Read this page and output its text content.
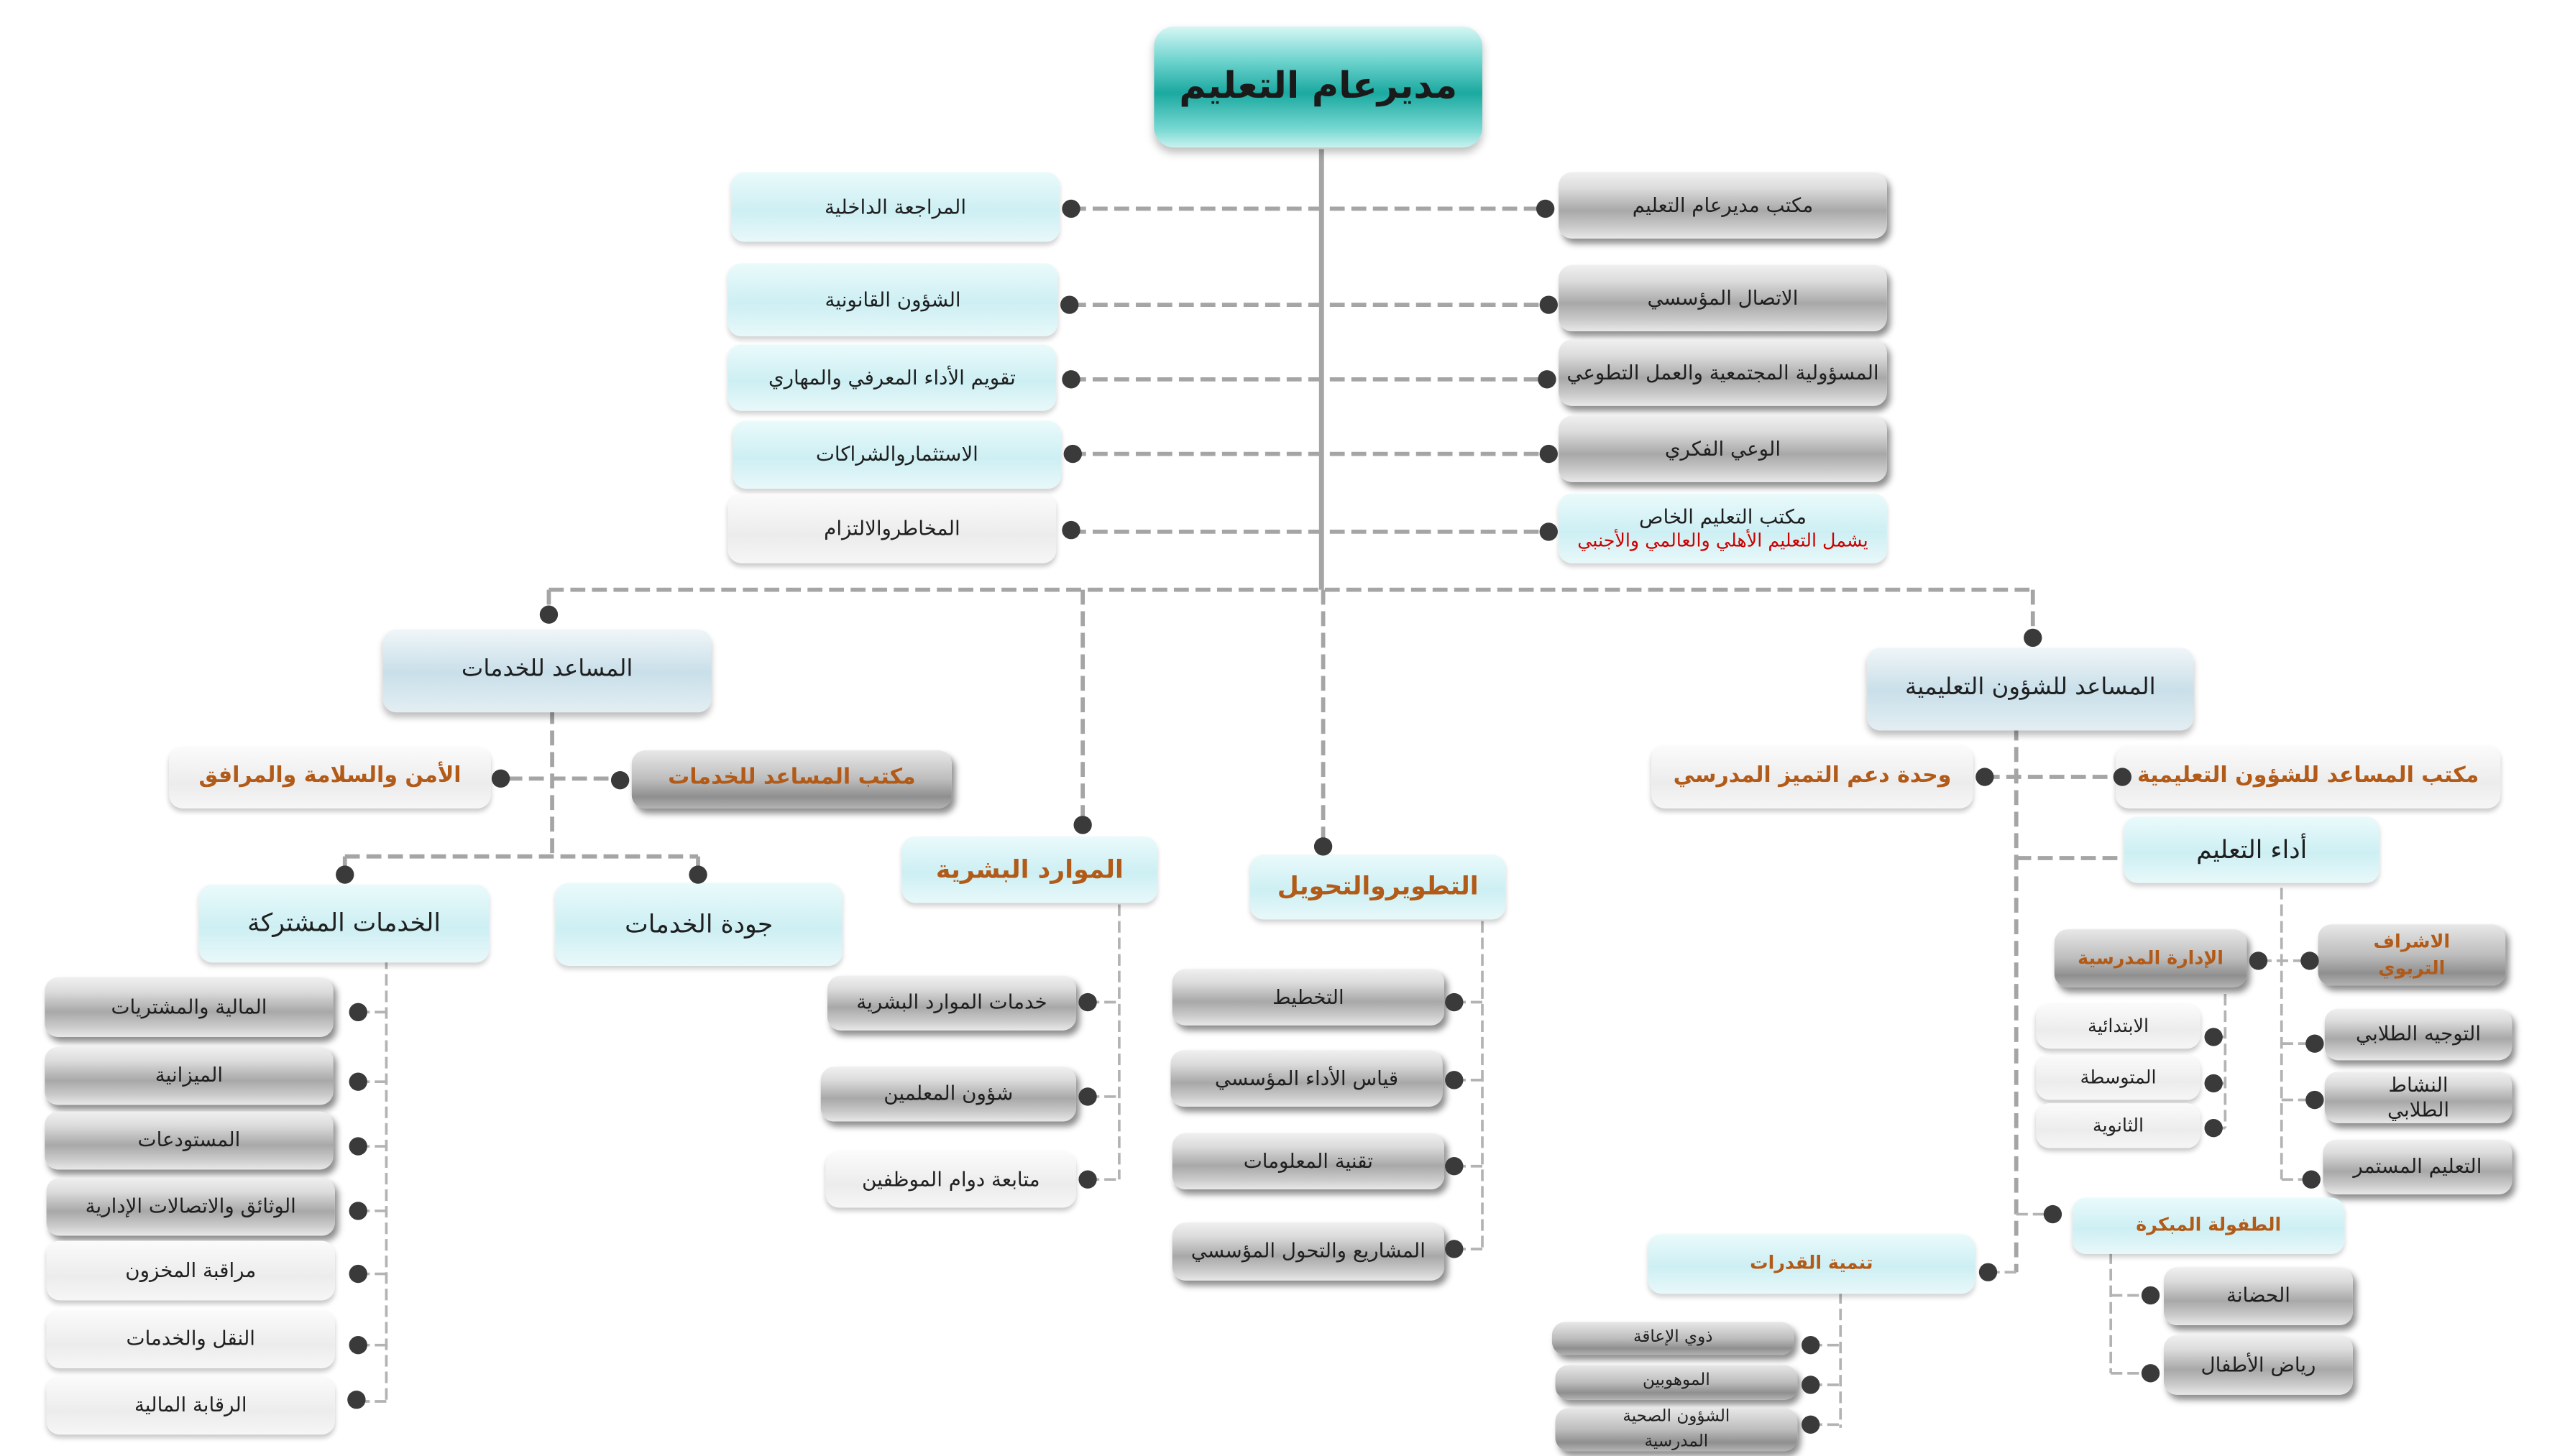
مديرعام التعليم
المراجعة الداخلية
الشؤون القانونية
تقويم الأداء المعرفي والمهاري
الاستثماروالشراكات
المخاطروالالتزام
مكتب مديرعام التعليم
الاتصال المؤسسي
المسؤولية المجتمعية والعمل التطوعي
الوعي الفكري
مكتب التعليم الخاص
يشمل التعليم الأهلي والعالمي والأجنبي
المساعد للخدمات
الأمن والسلامة والمرافق	مكتب المساعد للخدمات
الخدمات المشتركة	جودة الخدمات
المالية والمشتريات
الميزانية
المستودعات
الوثائق والاتصالات الإدارية
مراقبة المخزون
النقل والخدمات
الرقابة المالية
الموارد البشرية
خدمات الموارد البشرية
شؤون المعلمين
متابعة دوام الموظفين
التطويروالتحويل
التخطيط
قياس الأداء المؤسسي
تقنية المعلومات
المشاريع والتحول المؤسسي
المساعد للشؤون التعليمية
وحدة دعم التميز المدرسي	مكتب المساعد للشؤون التعليمية
أداء التعليم
الإدارة المدرسية
الاشراف التربوي
الابتدائية
المتوسطة
الثانوية
التوجيه الطلابي
النشاط الطلابي
التعليم المستمر
الطفولة المبكرة
الحضانة
رياض الأطفال
تنمية القدرات
ذوي الإعاقة
الموهوبين
الشؤون الصحية المدرسية
